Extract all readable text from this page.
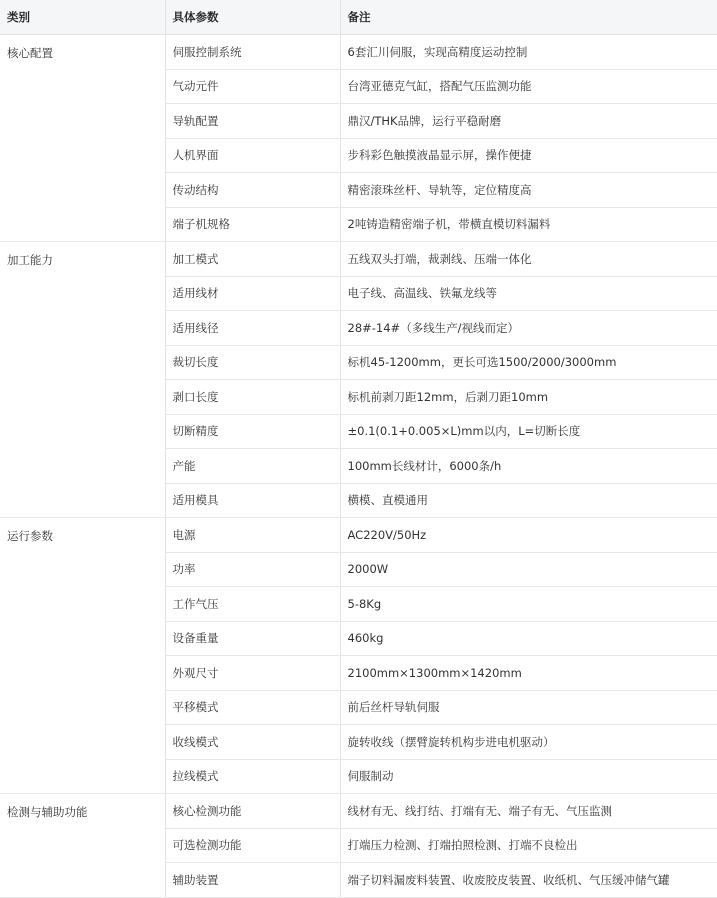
类别	具体参数	备注
核心配置	伺服控制系统	6套汇川伺服，实现高精度运动控制
	气动元件	台湾亚德克气缸，搭配气压监测功能
	导轨配置	鼎汉/THK品牌，运行平稳耐磨
	人机界面	步科彩色触摸液晶显示屏，操作便捷
	传动结构	精密滚珠丝杆、导轨等，定位精度高
	端子机规格	2吨铸造精密端子机，带横直模切料漏料
加工能力	加工模式	五线双头打端，裁剥线、压端一体化
	适用线材	电子线、高温线、铁氟龙线等
	适用线径	28#-14#（多线生产/视线而定）
	裁切长度	标机45-1200mm，更长可选1500/2000/3000mm
	剥口长度	标机前剥刀距12mm，后剥刀距10mm
	切断精度	±0.1(0.1+0.005×L)mm以内，L=切断长度
	产能	100mm长线材计，6000条/h
	适用模具	横模、直模通用
运行参数	电源	AC220V/50Hz
	功率	2000W
	工作气压	5-8Kg
	设备重量	460kg
	外观尺寸	2100mm×1300mm×1420mm
	平移模式	前后丝杆导轨伺服
	收线模式	旋转收线（摆臂旋转机构步进电机驱动）
	拉线模式	伺服制动
检测与辅助功能	核心检测功能	线材有无、线打结、打端有无、端子有无、气压监测
	可选检测功能	打端压力检测、打端拍照检测、打端不良检出
	辅助装置	端子切料漏废料装置、收废胶皮装置、收纸机、气压缓冲储气罐
